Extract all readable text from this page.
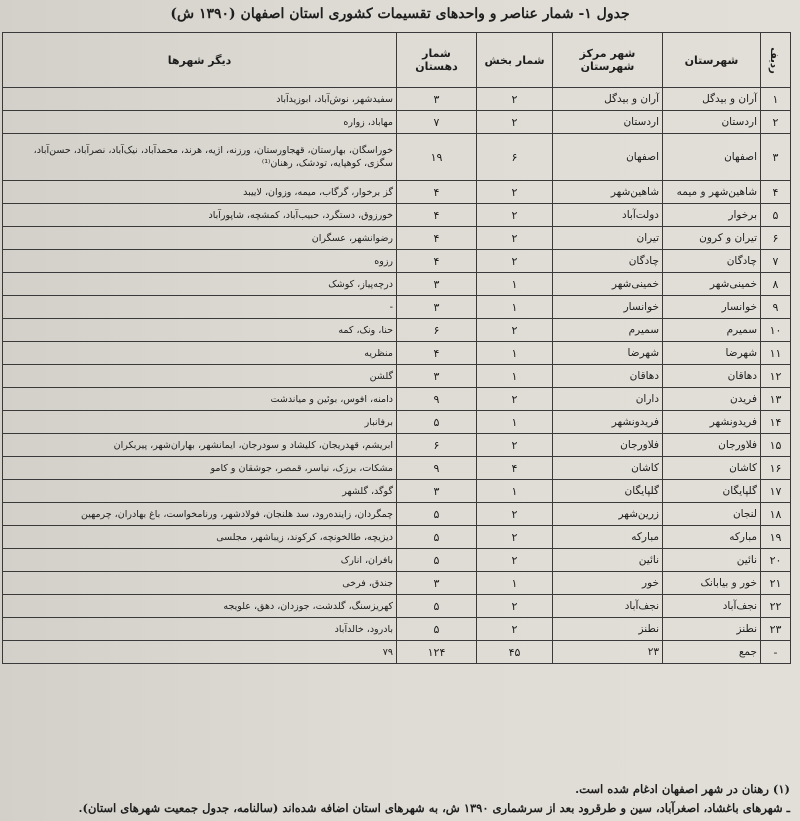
جدول ۱- شمار عناصر و واحدهای تقسیمات کشوری استان اصفهان (۱۳۹۰ ش)
ردیف	شهرستان	شهر مرکز شهرستان	شمار بخش	شمار دهستان	دیگر شهرها
۱	آران و بیدگل	آران و بیدگل	۲	۳	سفیدشهر، نوش‌آباد، ابوزیدآباد
۲	اردستان	اردستان	۲	۷	مهاباد، زواره
۳	اصفهان	اصفهان	۶	۱۹	خوراسگان، بهارستان، قهجاورستان، ورزنه، اژیه، هرند، محمدآباد، نیک‌آباد، نصرآباد، حسن‌آباد، سگزی، کوهپایه، تودشک، رهنان⁽¹⁾
۴	شاهین‌شهر و میمه	شاهین‌شهر	۲	۴	گز برخوار، گرگاب، میمه، وزوان، لاییبد
۵	برخوار	دولت‌آباد	۲	۴	خورزوق، دستگرد، حبیب‌آباد، کمشچه، شاپورآباد
۶	تیران و کرون	تیران	۲	۴	رضوانشهر، عسگران
۷	چادگان	چادگان	۲	۴	رزوه
۸	خمینی‌شهر	خمینی‌شهر	۱	۳	درچه‌پیاز، کوشک
۹	خوانسار	خوانسار	۱	۳	-
۱۰	سمیرم	سمیرم	۲	۶	حنا، ونک، کمه
۱۱	شهرضا	شهرضا	۱	۴	منظریه
۱۲	دهاقان	دهاقان	۱	۳	گلشن
۱۳	فریدن	داران	۲	۹	دامنه، افوس، بوئین و میاندشت
۱۴	فریدونشهر	فریدونشهر	۱	۵	برفانبار
۱۵	فلاورجان	فلاورجان	۲	۶	ابریشم، قهدریجان، کلیشاد و سودرجان، ایمانشهر، بهاران‌شهر، پیربکران
۱۶	کاشان	کاشان	۴	۹	مشکات، برزک، نیاسر، قمصر، جوشقان و کامو
۱۷	گلپایگان	گلپایگان	۱	۳	گوگد، گلشهر
۱۸	لنجان	زرین‌شهر	۲	۵	چمگردان، زاینده‌رود، سد هلنجان، فولادشهر، ورنامخواست، باغ بهادران، چرمهین
۱۹	مبارکه	مبارکه	۲	۵	دیزیچه، طالخونچه، کرکوند، زیباشهر، مجلسی
۲۰	نائین	نائین	۲	۵	بافران، انارک
۲۱	خور و بیابانک	خور	۱	۳	جندق، فرخی
۲۲	نجف‌آباد	نجف‌آباد	۲	۵	کهریزسنگ، گلدشت، جوزدان، دهق، علویجه
۲۳	نطنز	نطنز	۲	۵	بادرود، خالدآباد
-	جمع	۲۳	۴۵	۱۲۴	۷۹
(۱) رهنان در شهر اصفهان ادغام شده است.
ـ شهرهای باغشاد، اصغرآباد، سین و طرقرود بعد از سرشماری ۱۳۹۰ ش، به شهرهای استان اضافه شده‌اند (سالنامه، جدول جمعیت شهرهای استان).
